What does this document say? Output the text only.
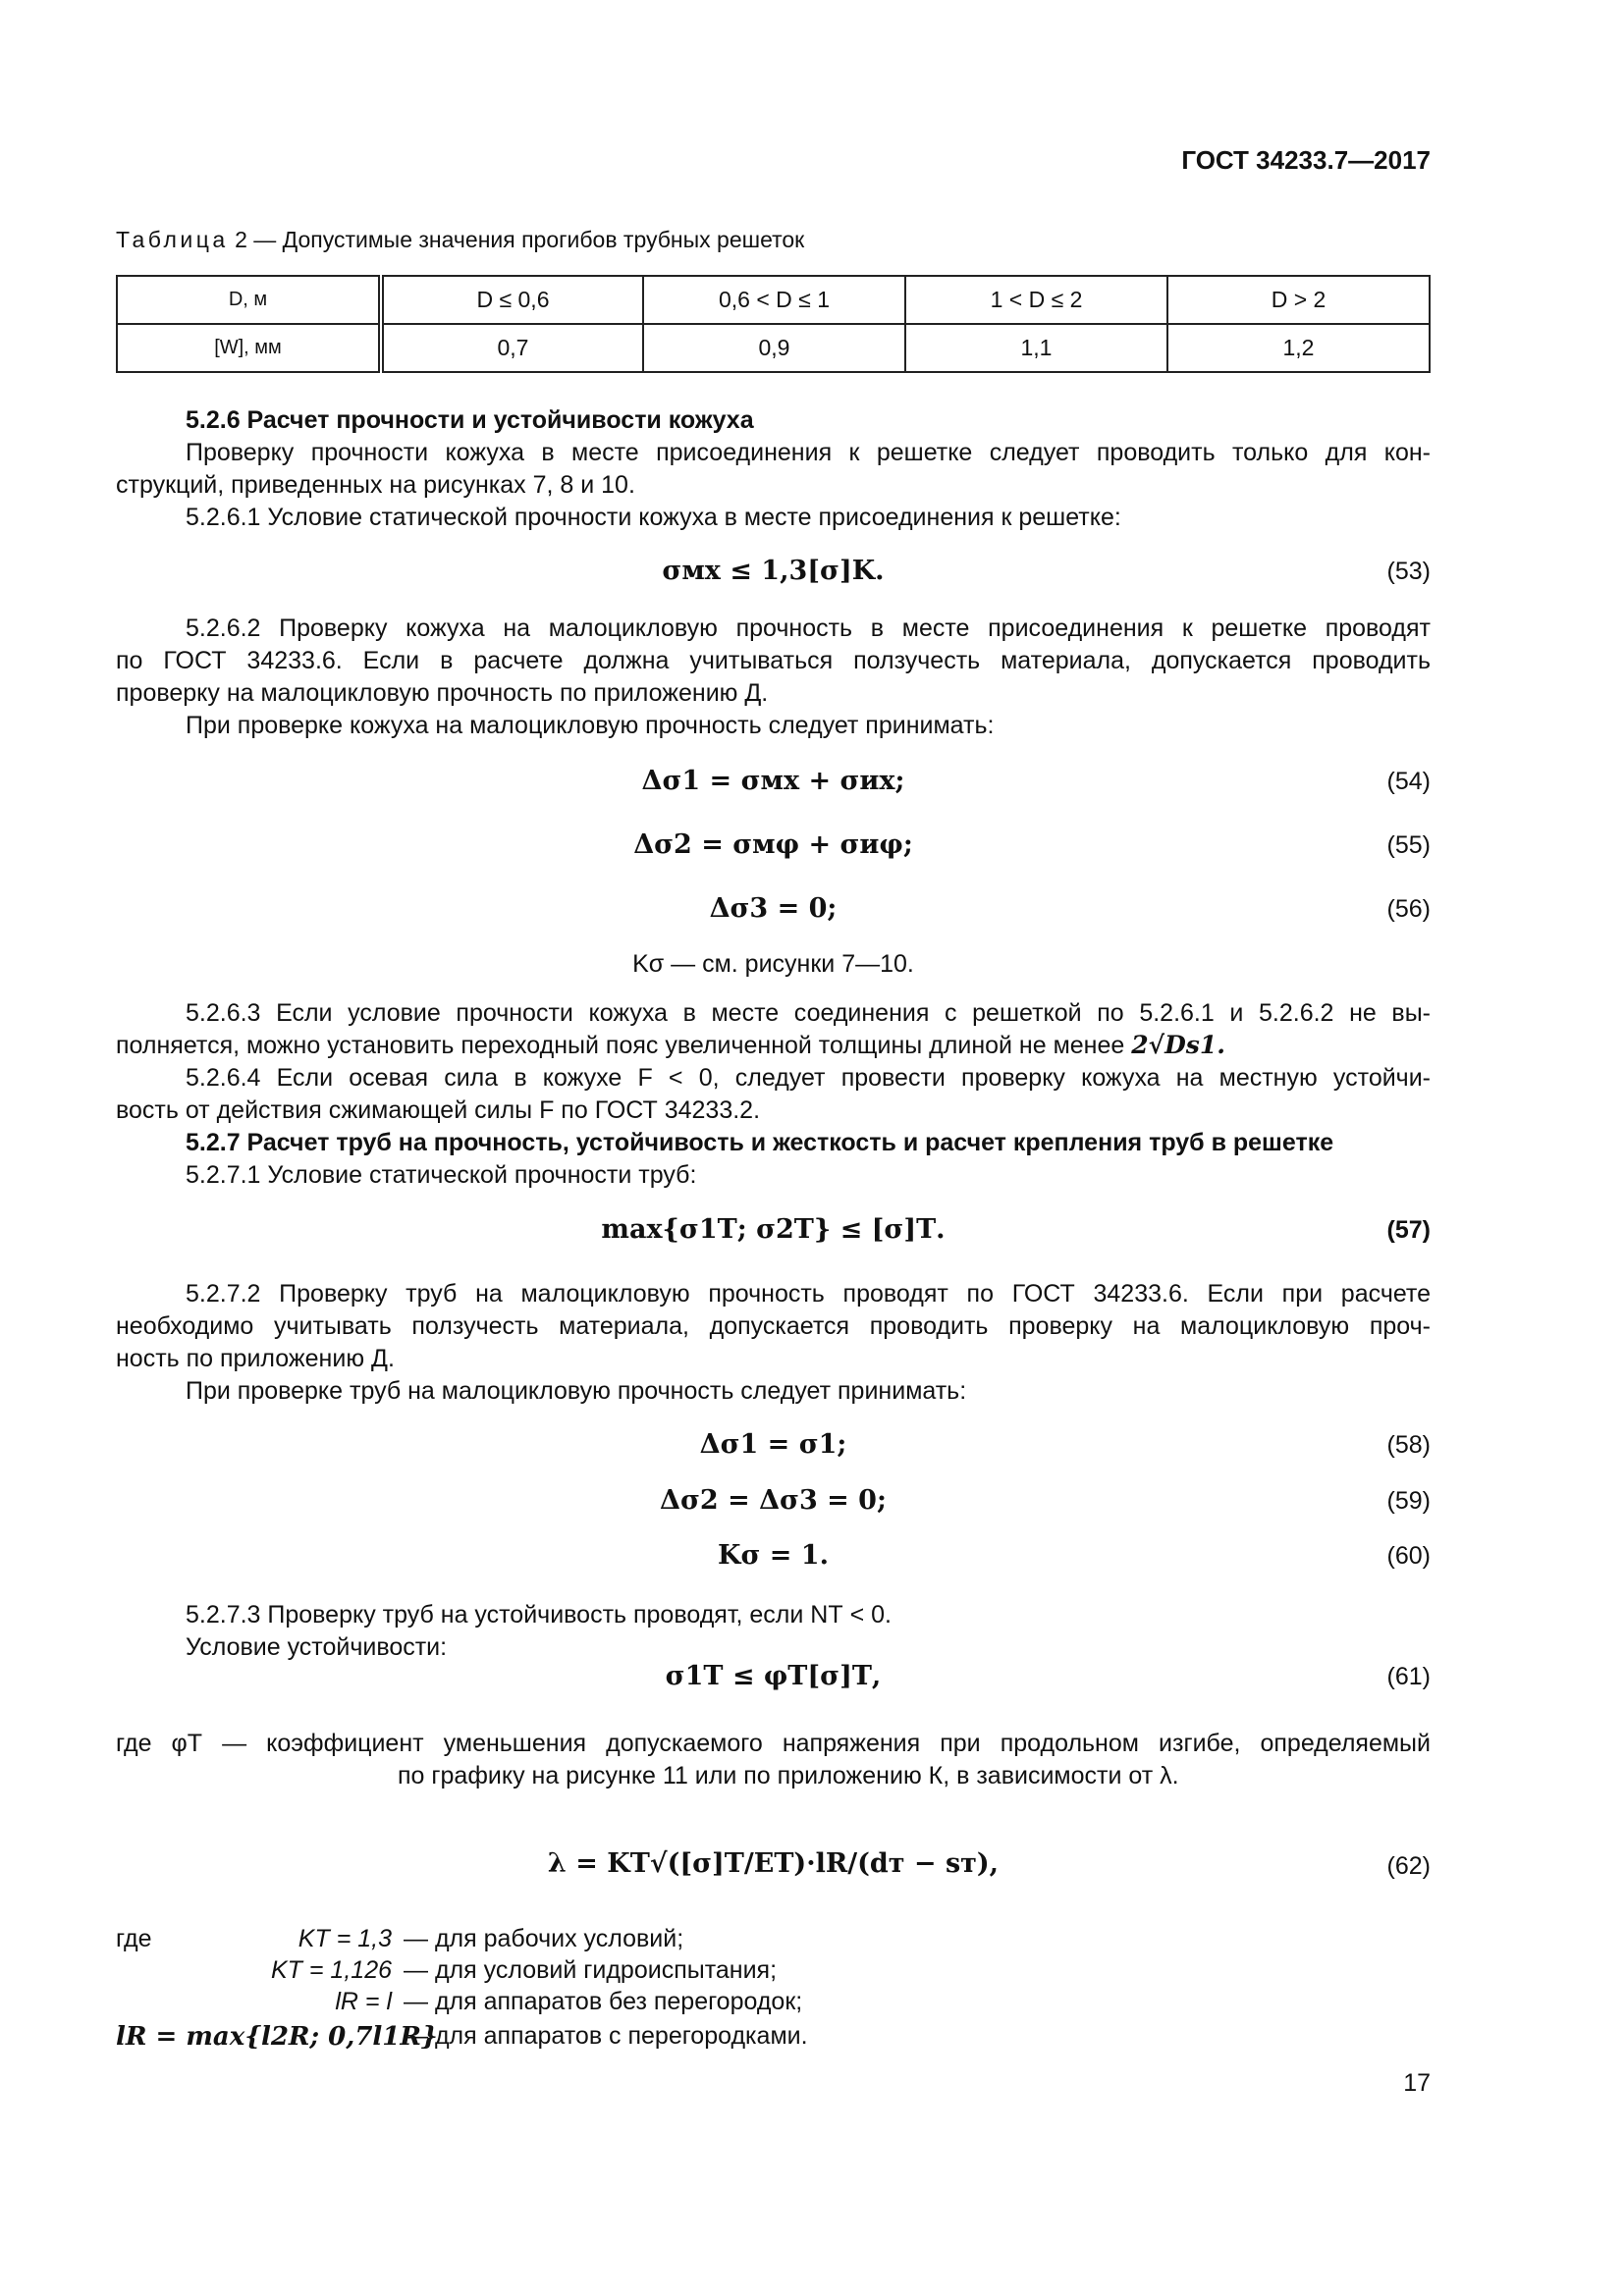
ГОСТ 34233.7—2017
Таблица 2 — Допустимые значения прогибов трубных решеток
D, м	D ≤ 0,6	0,6 < D ≤ 1	1 < D ≤ 2	D > 2
[W], мм	0,7	0,9	1,1	1,2
5.2.6 Расчет прочности и устойчивости кожуха
Проверку прочности кожуха в месте присоединения к решетке следует проводить только для кон-
струкций, приведенных на рисунках 7, 8 и 10.
5.2.6.1 Условие статической прочности кожуха в месте присоединения к решетке:
σмх ≤ 1,3[σ]K.	(53)
5.2.6.2 Проверку кожуха на малоцикловую прочность в месте присоединения к решетке проводят
по ГОСТ 34233.6. Если в расчете должна учитываться ползучесть материала, допускается проводить
проверку на малоцикловую прочность по приложению Д.
При проверке кожуха на малоцикловую прочность следует принимать:
Δσ1 = σмх + σих;	(54)
Δσ2 = σмφ + σиφ;	(55)
Δσ3 = 0;	(56)
Kσ — см. рисунки 7—10.
5.2.6.3 Если условие прочности кожуха в месте соединения с решеткой по 5.2.6.1 и 5.2.6.2 не вы-
полняется, можно установить переходный пояс увеличенной толщины длиной не менее 2√Ds1.
5.2.6.4 Если осевая сила в кожухе F < 0, следует провести проверку кожуха на местную устойчи-
вость от действия сжимающей силы F по ГОСТ 34233.2.
5.2.7 Расчет труб на прочность, устойчивость и жесткость и расчет крепления труб в решетке
5.2.7.1 Условие статической прочности труб:
max{σ1Т; σ2Т} ≤ [σ]Т.	(57)
5.2.7.2 Проверку труб на малоцикловую прочность проводят по ГОСТ 34233.6. Если при расчете
необходимо учитывать ползучесть материала, допускается проводить проверку на малоцикловую проч-
ность по приложению Д.
При проверке труб на малоцикловую прочность следует принимать:
Δσ1 = σ1;	(58)
Δσ2 = Δσ3 = 0;	(59)
Kσ = 1.	(60)
5.2.7.3 Проверку труб на устойчивость проводят, если NТ < 0.
Условие устойчивости:
σ1Т ≤ φТ[σ]Т,	(61)
где φТ — коэффициент уменьшения допускаемого напряжения при продольном изгибе, определяемый
по графику на рисунке 11 или по приложению К, в зависимости от λ.
λ = KТ√([σ]Т/EТ)·lR/(dт − sт),	(62)
где	KТ = 1,3 — для рабочих условий;
KТ = 1,126 — для условий гидроиспытания;
lR = l — для аппаратов без перегородок;
lR = max{l2R; 0,7l1R}
— для аппаратов с перегородками.
17
